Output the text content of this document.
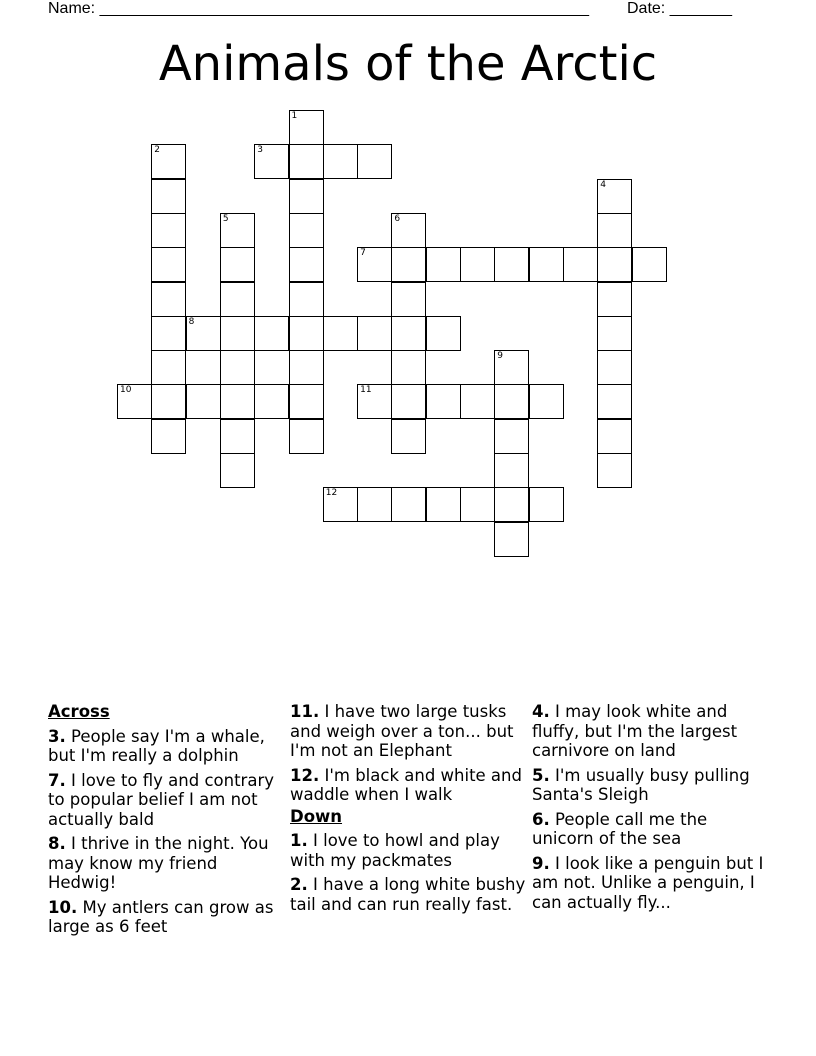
Name: _______________________________________________________ Date: _______
Animals of the Arctic
1
2	3
4
5	6
7
8
9
10	11
12
Across
3. People say I'm a whale, but I'm really a dolphin
7. I love to fly and contrary to popular belief I am not actually bald
8. I thrive in the night. You may know my friend Hedwig!
10. My antlers can grow as large as 6 feet
11. I have two large tusks and weigh over a ton... but I'm not an Elephant
12. I'm black and white and waddle when I walk
Down
1. I love to howl and play with my packmates
2. I have a long white bushy tail and can run really fast.
4. I may look white and fluffy, but I'm the largest carnivore on land
5. I'm usually busy pulling Santa's Sleigh
6. People call me the unicorn of the sea
9. I look like a penguin but I am not. Unlike a penguin, I can actually fly...
